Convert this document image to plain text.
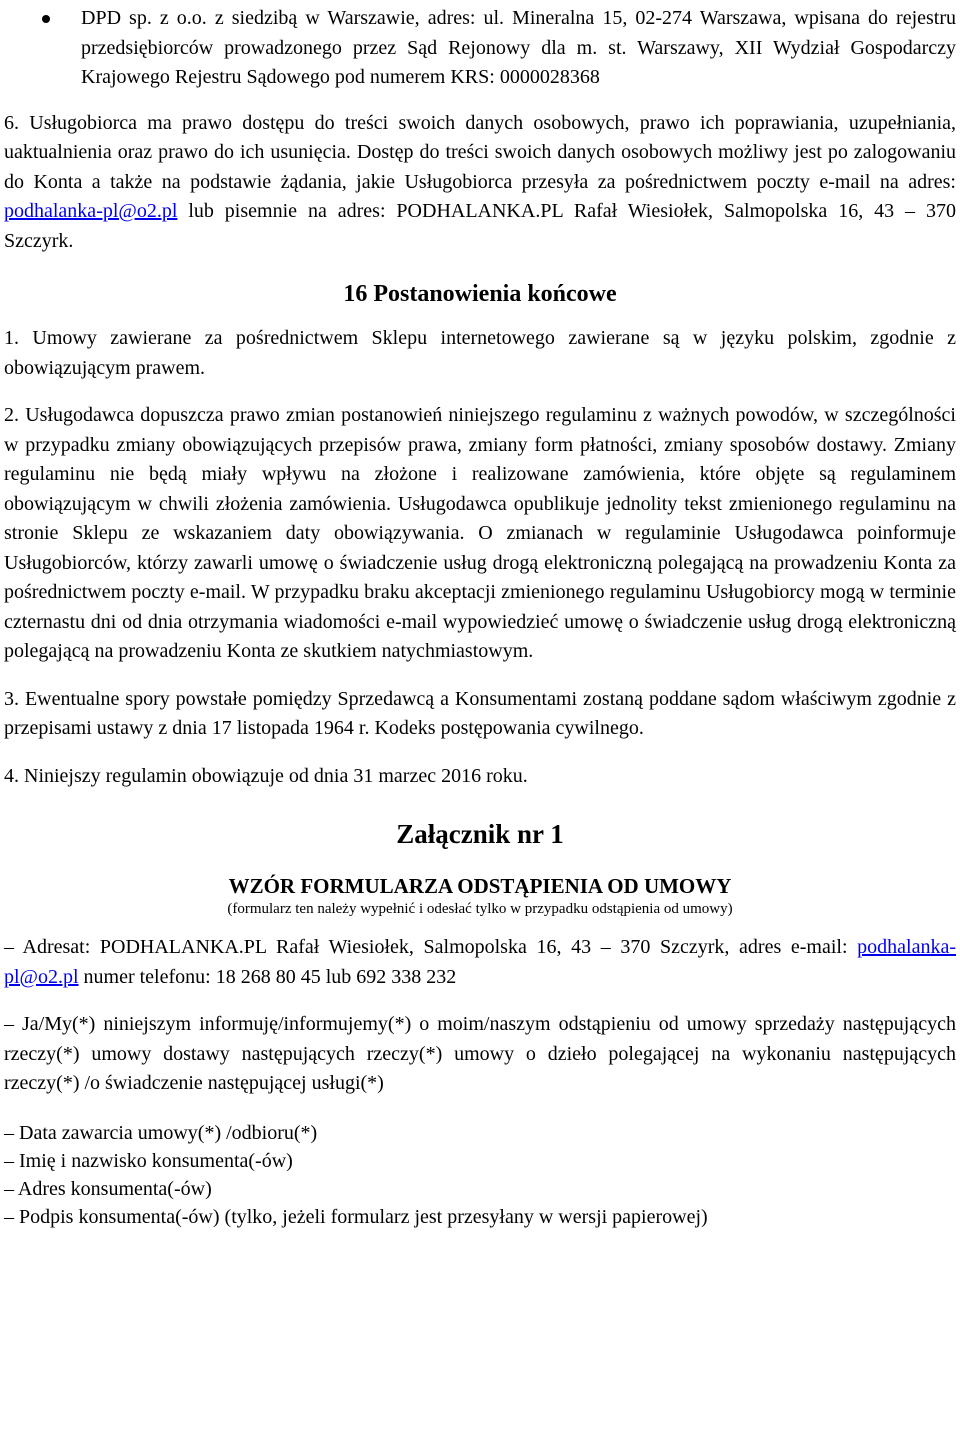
DPD sp. z o.o. z siedzibą w Warszawie, adres: ul. Mineralna 15, 02-274 Warszawa, wpisana do rejestru przedsiębiorców prowadzonego przez Sąd Rejonowy dla m. st. Warszawy, XII Wydział Gospodarczy Krajowego Rejestru Sądowego pod numerem KRS: 0000028368

6. Usługobiorca ma prawo dostępu do treści swoich danych osobowych, prawo ich poprawiania, uzupełniania, uaktualnienia oraz prawo do ich usunięcia. Dostęp do treści swoich danych osobowych możliwy jest po zalogowaniu do Konta a także na podstawie żądania, jakie Usługobiorca przesyła za pośrednictwem poczty e-mail na adres: podhalanka-pl@o2.pl lub pisemnie na adres: PODHALANKA.PL Rafał Wiesiołek, Salmopolska 16, 43 – 370 Szczyrk.

16 Postanowienia końcowe

1. Umowy zawierane za pośrednictwem Sklepu internetowego zawierane są w języku polskim, zgodnie z obowiązującym prawem.

2. Usługodawca dopuszcza prawo zmian postanowień niniejszego regulaminu z ważnych powodów, w szczególności w przypadku zmiany obowiązujących przepisów prawa, zmiany form płatności, zmiany sposobów dostawy. Zmiany regulaminu nie będą miały wpływu na złożone i realizowane zamówienia, które objęte są regulaminem obowiązującym w chwili złożenia zamówienia. Usługodawca opublikuje jednolity tekst zmienionego regulaminu na stronie Sklepu ze wskazaniem daty obowiązywania. O zmianach w regulaminie Usługodawca poinformuje Usługobiorców, którzy zawarli umowę o świadczenie usług drogą elektroniczną polegającą na prowadzeniu Konta za pośrednictwem poczty e-mail. W przypadku braku akceptacji zmienionego regulaminu Usługobiorcy mogą w terminie czternastu dni od dnia otrzymania wiadomości e-mail wypowiedzieć umowę o świadczenie usług drogą elektroniczną polegającą na prowadzeniu Konta ze skutkiem natychmiastowym.

3. Ewentualne spory powstałe pomiędzy Sprzedawcą a Konsumentami zostaną poddane sądom właściwym zgodnie z przepisami ustawy z dnia 17 listopada 1964 r. Kodeks postępowania cywilnego.

4. Niniejszy regulamin obowiązuje od dnia 31 marzec 2016 roku.

Załącznik nr 1
WZÓR FORMULARZA ODSTĄPIENIA OD UMOWY

(formularz ten należy wypełnić i odesłać tylko w przypadku odstąpienia od umowy)

– Adresat: PODHALANKA.PL Rafał Wiesiołek, Salmopolska 16, 43 – 370 Szczyrk, adres e-mail: podhalanka-pl@o2.pl numer telefonu: 18 268 80 45 lub 692 338 232

– Ja/My(*) niniejszym informuję/informujemy(*) o moim/naszym odstąpieniu od umowy sprzedaży następujących rzeczy(*) umowy dostawy następujących rzeczy(*) umowy o dzieło polegającej na wykonaniu następujących rzeczy(*) /o świadczenie następującej usługi(*)

– Data zawarcia umowy(*) /odbioru(*)

– Imię i nazwisko konsumenta(-ów)

– Adres konsumenta(-ów)

– Podpis konsumenta(-ów) (tylko, jeżeli formularz jest przesyłany w wersji papierowej)
